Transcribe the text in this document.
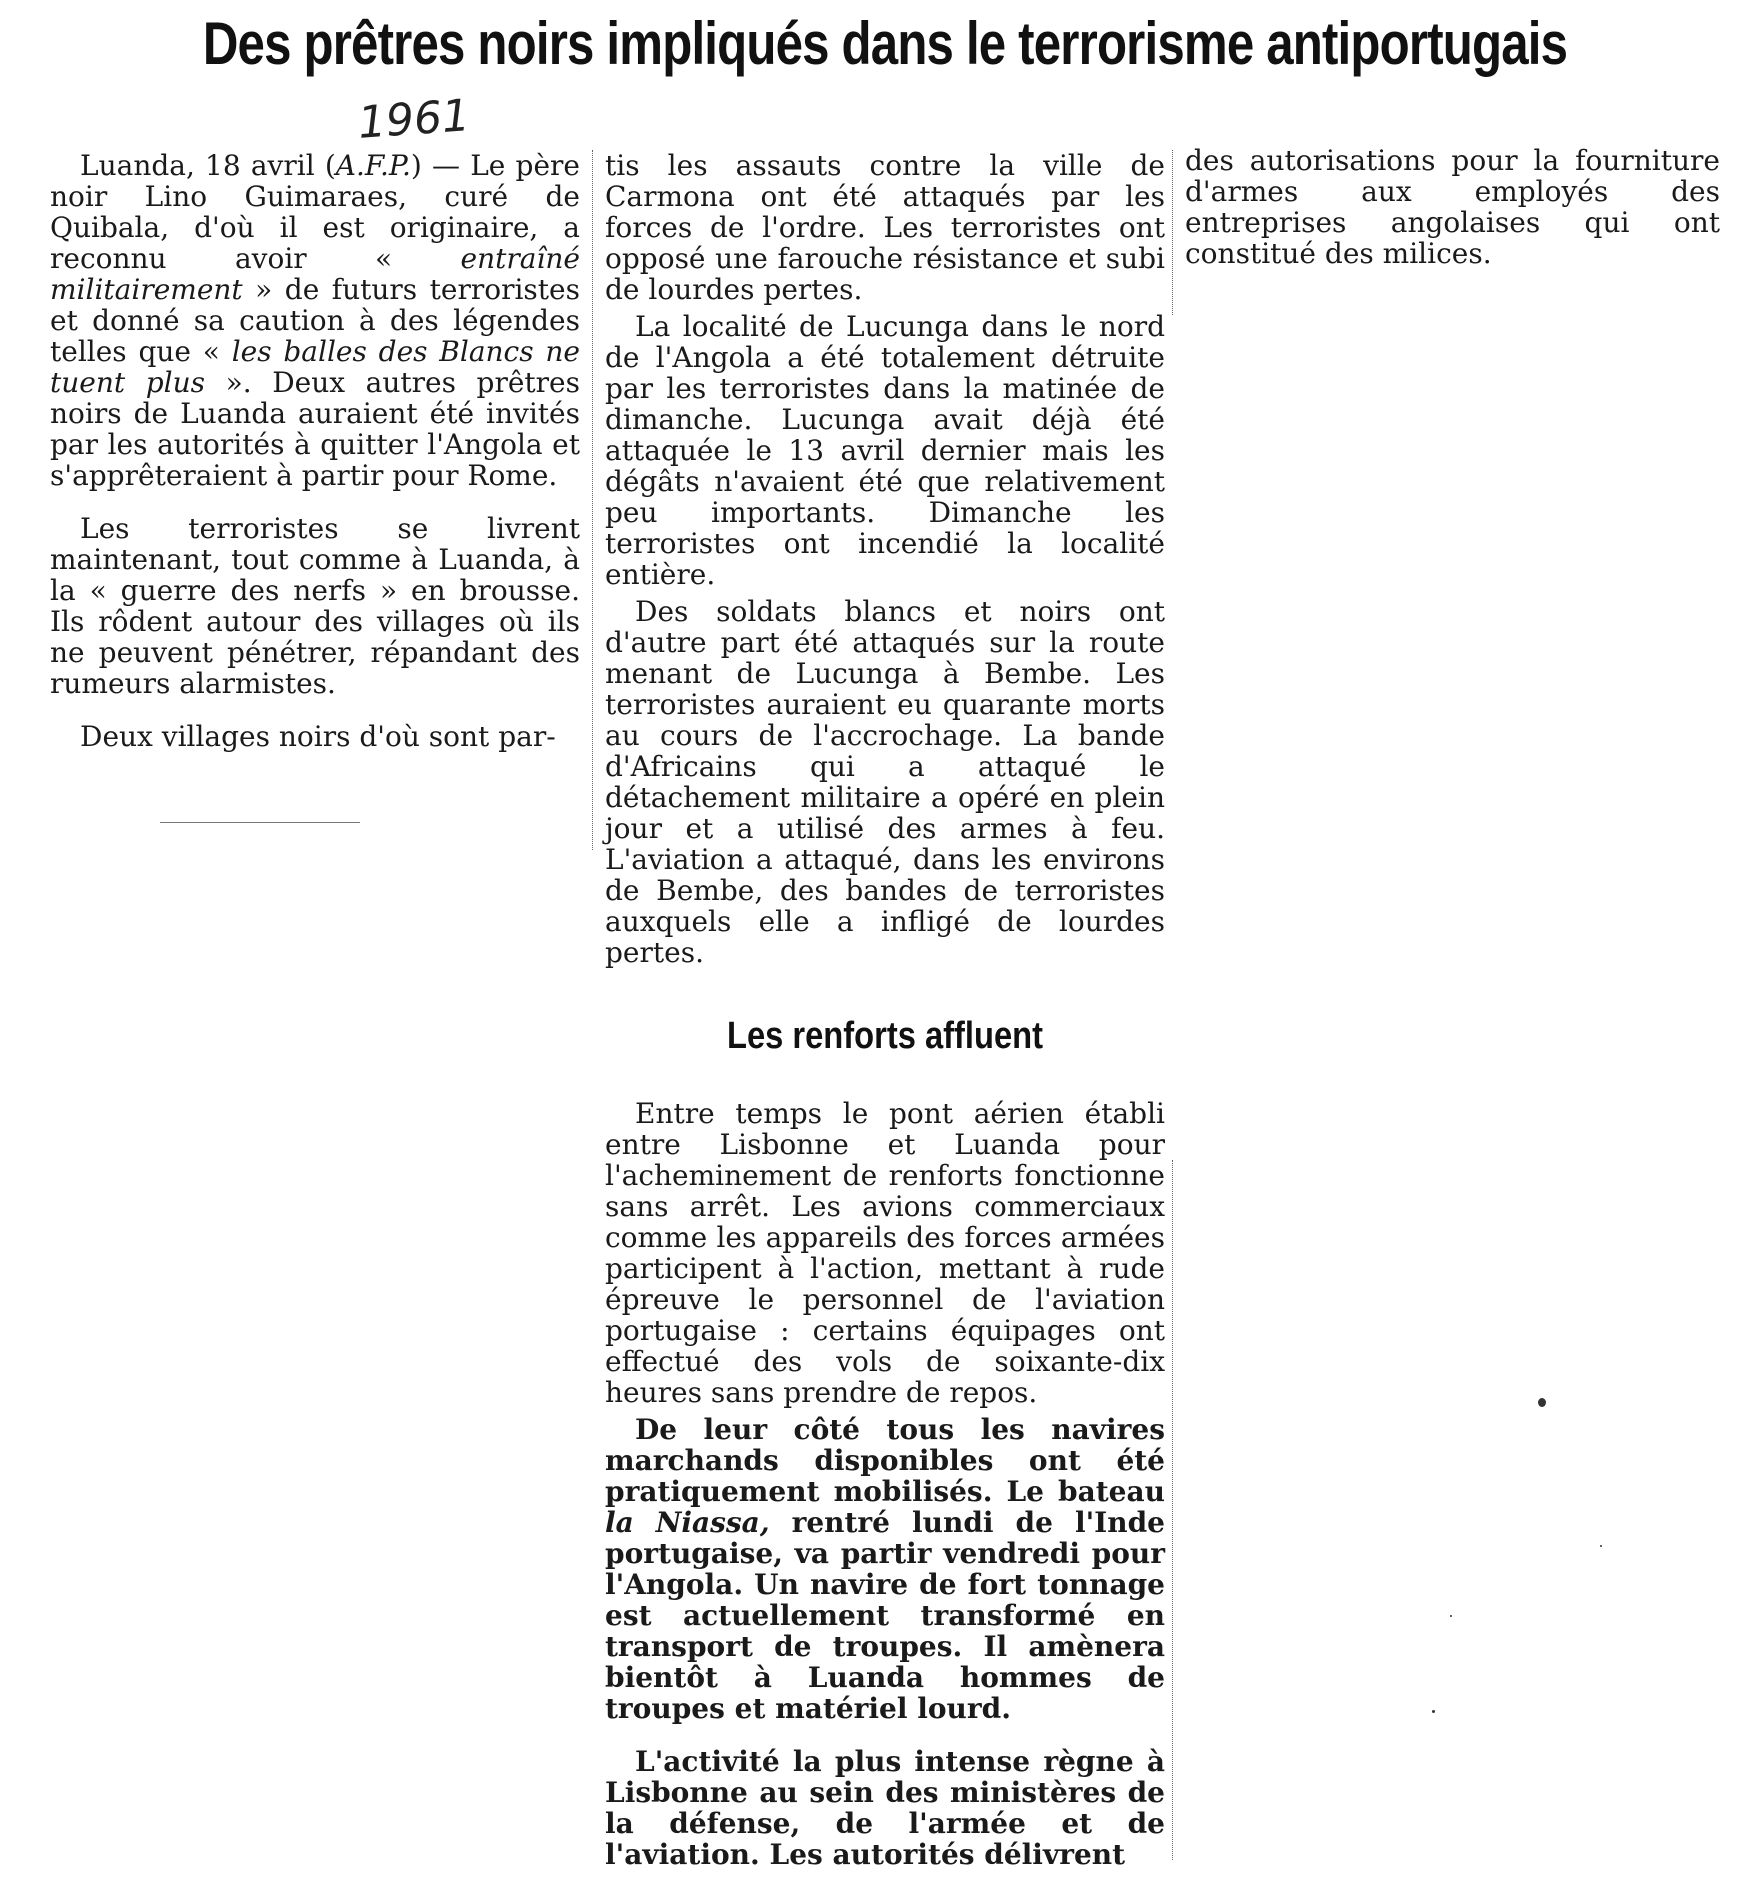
Des prêtres noirs impliqués dans le terrorisme antiportugais
1961

Luanda, 18 avril (A.F.P.) — Le père noir Lino Guimaraes, curé de Quibala, d'où il est originaire, a reconnu avoir « entraîné militairement » de futurs terroristes et donné sa caution à des légendes telles que « les balles des Blancs ne tuent plus ». Deux autres prêtres noirs de Luanda auraient été invités par les autorités à quitter l'Angola et s'apprêteraient à partir pour Rome.

Les terroristes se livrent maintenant, tout comme à Luanda, à la « guerre des nerfs » en brousse. Ils rôdent autour des villages où ils ne peuvent pénétrer, répandant des rumeurs alarmistes.

Deux villages noirs d'où sont par-

tis les assauts contre la ville de Carmona ont été attaqués par les forces de l'ordre. Les terroristes ont opposé une farouche résistance et subi de lourdes pertes.

La localité de Lucunga dans le nord de l'Angola a été totalement détruite par les terroristes dans la matinée de dimanche. Lucunga avait déjà été attaquée le 13 avril dernier mais les dégâts n'avaient été que relativement peu importants. Dimanche les terroristes ont incendié la localité entière.

Des soldats blancs et noirs ont d'autre part été attaqués sur la route menant de Lucunga à Bembe. Les terroristes auraient eu quarante morts au cours de l'accrochage. La bande d'Africains qui a attaqué le détachement militaire a opéré en plein jour et a utilisé des armes à feu. L'aviation a attaqué, dans les environs de Bembe, des bandes de terroristes auxquels elle a infligé de lourdes pertes.

Les renforts affluent

Entre temps le pont aérien établi entre Lisbonne et Luanda pour l'acheminement de renforts fonctionne sans arrêt. Les avions commerciaux comme les appareils des forces armées participent à l'action, mettant à rude épreuve le personnel de l'aviation portugaise : certains équipages ont effectué des vols de soixante-dix heures sans prendre de repos.

De leur côté tous les navires marchands disponibles ont été pratiquement mobilisés. Le bateau la Niassa, rentré lundi de l'Inde portugaise, va partir vendredi pour l'Angola. Un navire de fort tonnage est actuellement transformé en transport de troupes. Il amènera bientôt à Luanda hommes de troupes et matériel lourd.

L'activité la plus intense règne à Lisbonne au sein des ministères de la défense, de l'armée et de l'aviation. Les autorités délivrent

des autorisations pour la fourniture d'armes aux employés des entreprises angolaises qui ont constitué des milices.
